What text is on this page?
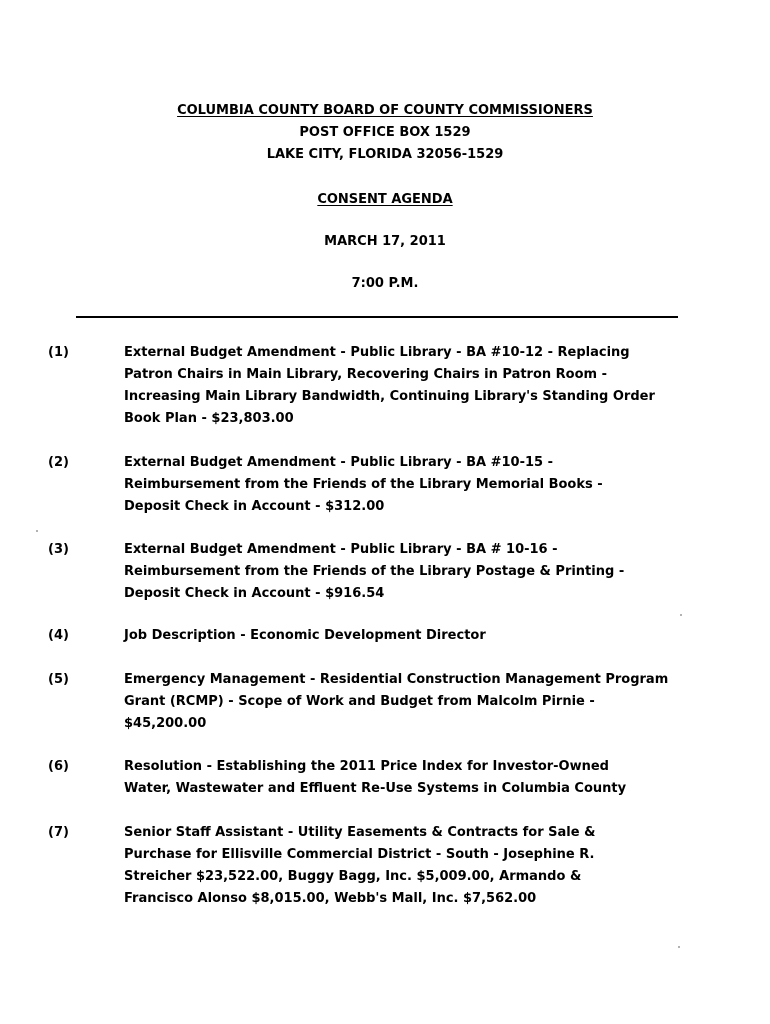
COLUMBIA COUNTY BOARD OF COUNTY COMMISSIONERS
POST OFFICE BOX 1529
LAKE CITY, FLORIDA 32056-1529
CONSENT AGENDA
MARCH 17, 2011
7:00 P.M.
(1)	External Budget Amendment - Public Library - BA #10-12 - Replacing
Patron Chairs in Main Library, Recovering Chairs in Patron Room -
Increasing Main Library Bandwidth, Continuing Library's Standing Order
Book Plan - $23,803.00
(2)	External Budget Amendment - Public Library - BA #10-15 -
Reimbursement from the Friends of the Library Memorial Books -
Deposit Check in Account - $312.00
(3)	External Budget Amendment - Public Library - BA # 10-16 -
Reimbursement from the Friends of the Library Postage & Printing -
Deposit Check in Account - $916.54
(4)	Job Description - Economic Development Director
(5)	Emergency Management - Residential Construction Management Program
Grant (RCMP) - Scope of Work and Budget from Malcolm Pirnie -
$45,200.00
(6)	Resolution - Establishing the 2011 Price Index for Investor-Owned
Water, Wastewater and Effluent Re-Use Systems in Columbia County
(7)	Senior Staff Assistant - Utility Easements & Contracts for Sale &
Purchase for Ellisville Commercial District - South - Josephine R.
Streicher $23,522.00, Buggy Bagg, Inc. $5,009.00, Armando &
Francisco Alonso $8,015.00, Webb's Mall, Inc. $7,562.00
